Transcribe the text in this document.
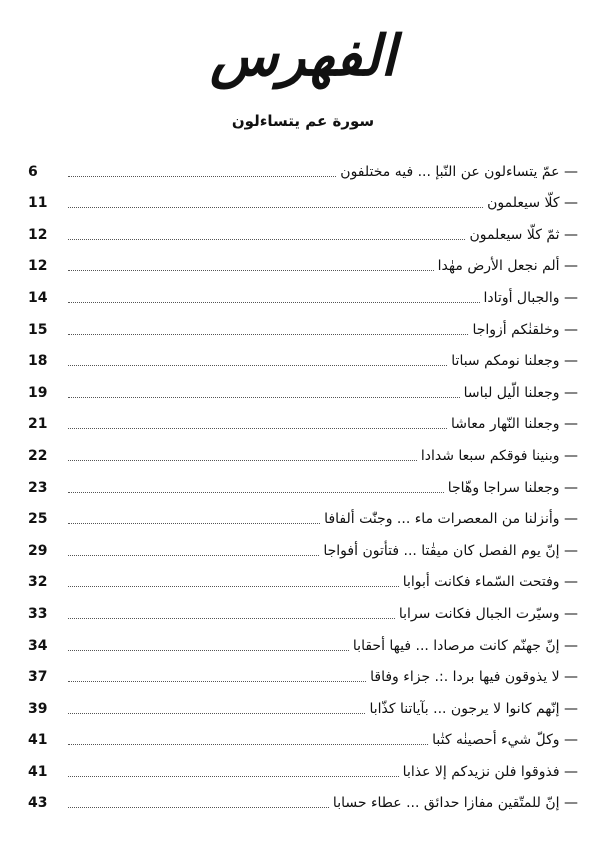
الفهرس
سورة عم يتساءلون
6	— عمّ يتساءلون عن النّبإ ... فيه مختلفون
11	— كلّا سيعلمون
12	— ثمّ كلّا سيعلمون
12	— ألم نجعل الأرض مهٰدا
14	— والجبال أوتادا
15	— وخلقنٰكم أزواجا
18	— وجعلنا نومكم سباتا
19	— وجعلنا الّيل لباسا
21	— وجعلنا النّهار معاشا
22	— وبنينا فوقكم سبعا شدادا
23	— وجعلنا سراجا وهّاجا
25	— وأنزلنا من المعصرات ماء ... وجنّٰت ألفافا
29	— إنّ يوم الفصل كان ميقٰتا ... فتأتون أفواجا
32	— وفتحت السّماء فكانت أبوابا
33	— وسيّرت الجبال فكانت سرابا
34	— إنّ جهنّم كانت مرصادا ... فيها أحقابا
37	— لا يذوقون فيها بردا .:. جزاء وفاقا
39	— إنّهم كانوا لا يرجون ... بآياتنا كذّابا
41	— وكلّ شيء أحصينٰه كتٰبا
41	— فذوقوا فلن نزيدكم إلا عذابا
43	— إنّ للمتّقين مفازا حدائق ... عطاء حسابا
